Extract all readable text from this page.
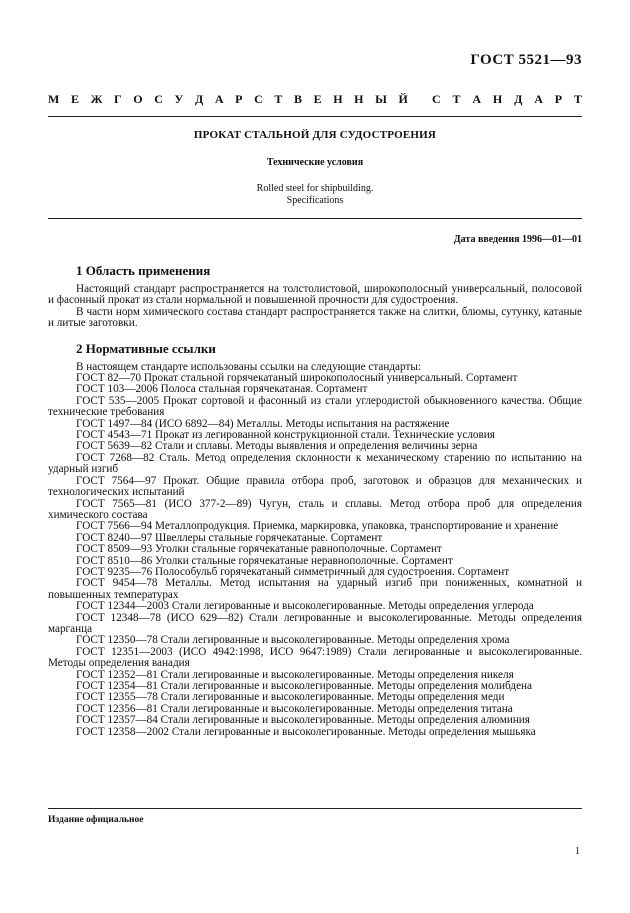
ГОСТ 5521—93
М Е Ж Г О С У Д А Р С Т В Е Н Н Ы Й С Т А Н Д А Р Т
ПРОКАТ СТАЛЬНОЙ ДЛЯ СУДОСТРОЕНИЯ
Технические условия
Rolled steel for shipbuilding.
Specifications
Дата введения 1996—01—01
1 Область применения

Настоящий стандарт распространяется на толстолистовой, широкополосный универсальный, полосовой и фасонный прокат из стали нормальной и повышенной прочности для судостроения.

В части норм химического состава стандарт распространяется также на слитки, блюмы, сутунку, катаные и литые заготовки.

2 Нормативные ссылки

В настоящем стандарте использованы ссылки на следующие стандарты:

ГОСТ 82—70 Прокат стальной горячекатаный широкополосный универсальный. Сортамент
ГОСТ 103—2006 Полоса стальная горячекатаная. Сортамент
ГОСТ 535—2005 Прокат сортовой и фасонный из стали углеродистой обыкновенного качества. Общие технические требования
ГОСТ 1497—84 (ИСО 6892—84) Металлы. Методы испытания на растяжение
ГОСТ 4543—71 Прокат из легированной конструкционной стали. Технические условия
ГОСТ 5639—82 Стали и сплавы. Методы выявления и определения величины зерна
ГОСТ 7268—82 Сталь. Метод определения склонности к механическому старению по испытанию на ударный изгиб
ГОСТ 7564—97 Прокат. Общие правила отбора проб, заготовок и образцов для механических и технологических испытаний
ГОСТ 7565—81 (ИСО 377-2—89) Чугун, сталь и сплавы. Метод отбора проб для определения химического состава
ГОСТ 7566—94 Металлопродукция. Приемка, маркировка, упаковка, транспортирование и хранение
ГОСТ 8240—97 Швеллеры стальные горячекатаные. Сортамент
ГОСТ 8509—93 Уголки стальные горячекатаные равнополочные. Сортамент
ГОСТ 8510—86 Уголки стальные горячекатаные неравнополочные. Сортамент
ГОСТ 9235—76 Полособульб горячекатаный симметричный для судостроения. Сортамент
ГОСТ 9454—78 Металлы. Метод испытания на ударный изгиб при пониженных, комнатной и повышенных температурах
ГОСТ 12344—2003 Стали легированные и высоколегированные. Методы определения углерода
ГОСТ 12348—78 (ИСО 629—82) Стали легированные и высоколегированные. Методы определения марганца
ГОСТ 12350—78 Стали легированные и высоколегированные. Методы определения хрома
ГОСТ 12351—2003 (ИСО 4942:1998, ИСО 9647:1989) Стали легированные и высоколегированные. Методы определения ванадия
ГОСТ 12352—81 Стали легированные и высоколегированные. Методы определения никеля
ГОСТ 12354—81 Стали легированные и высоколегированные. Методы определения молибдена
ГОСТ 12355—78 Стали легированные и высоколегированные. Методы определения меди
ГОСТ 12356—81 Стали легированные и высоколегированные. Методы определения титана
ГОСТ 12357—84 Стали легированные и высоколегированные. Методы определения алюминия
ГОСТ 12358—2002 Стали легированные и высоколегированные. Методы определения мышьяка
Издание официальное
1
